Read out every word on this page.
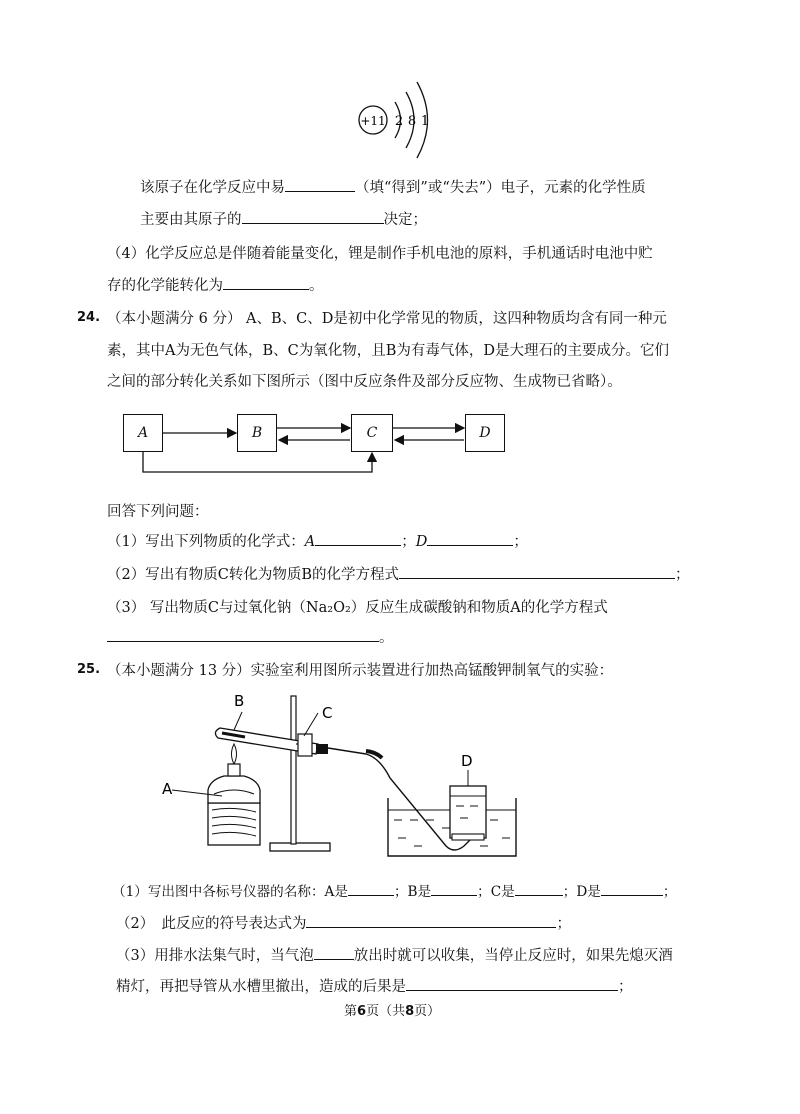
+11 2 8 1
该原子在化学反应中易	（填“得到”或“失去”）电子，元素的化学性质
主要由其原子的	决定；
（4）化学反应总是伴随着能量变化，锂是制作手机电池的原料，手机通话时电池中贮
存的化学能转化为	。
24. （本小题满分 6 分） A、B、C、D是初中化学常见的物质，这四种物质均含有同一种元
素，其中A为无色气体，B、C为氧化物，且B为有毒气体，D是大理石的主要成分。它们
之间的部分转化关系如下图所示（图中反应条件及部分反应物、生成物已省略）。
A	B	C	D
回答下列问题：
（1）写出下列物质的化学式：A	；D	；
（2）写出有物质C转化为物质B的化学方程式	；
（3） 写出物质C与过氧化钠（Na₂O₂）反应生成碳酸钠和物质A的化学方程式
。
25. （本小题满分 13 分）实验室利用图所示装置进行加热高锰酸钾制氧气的实验：
A
B
C
D
（1）写出图中各标号仪器的名称：A是	；B是	；C是	；D是	；
（2）　此反应的符号表达式为	；
（3）用排水法集气时，当气泡	放出时就可以收集，当停止反应时，如果先熄灭酒
精灯，再把导管从水槽里撤出，造成的后果是	；
第6页（共8页）
